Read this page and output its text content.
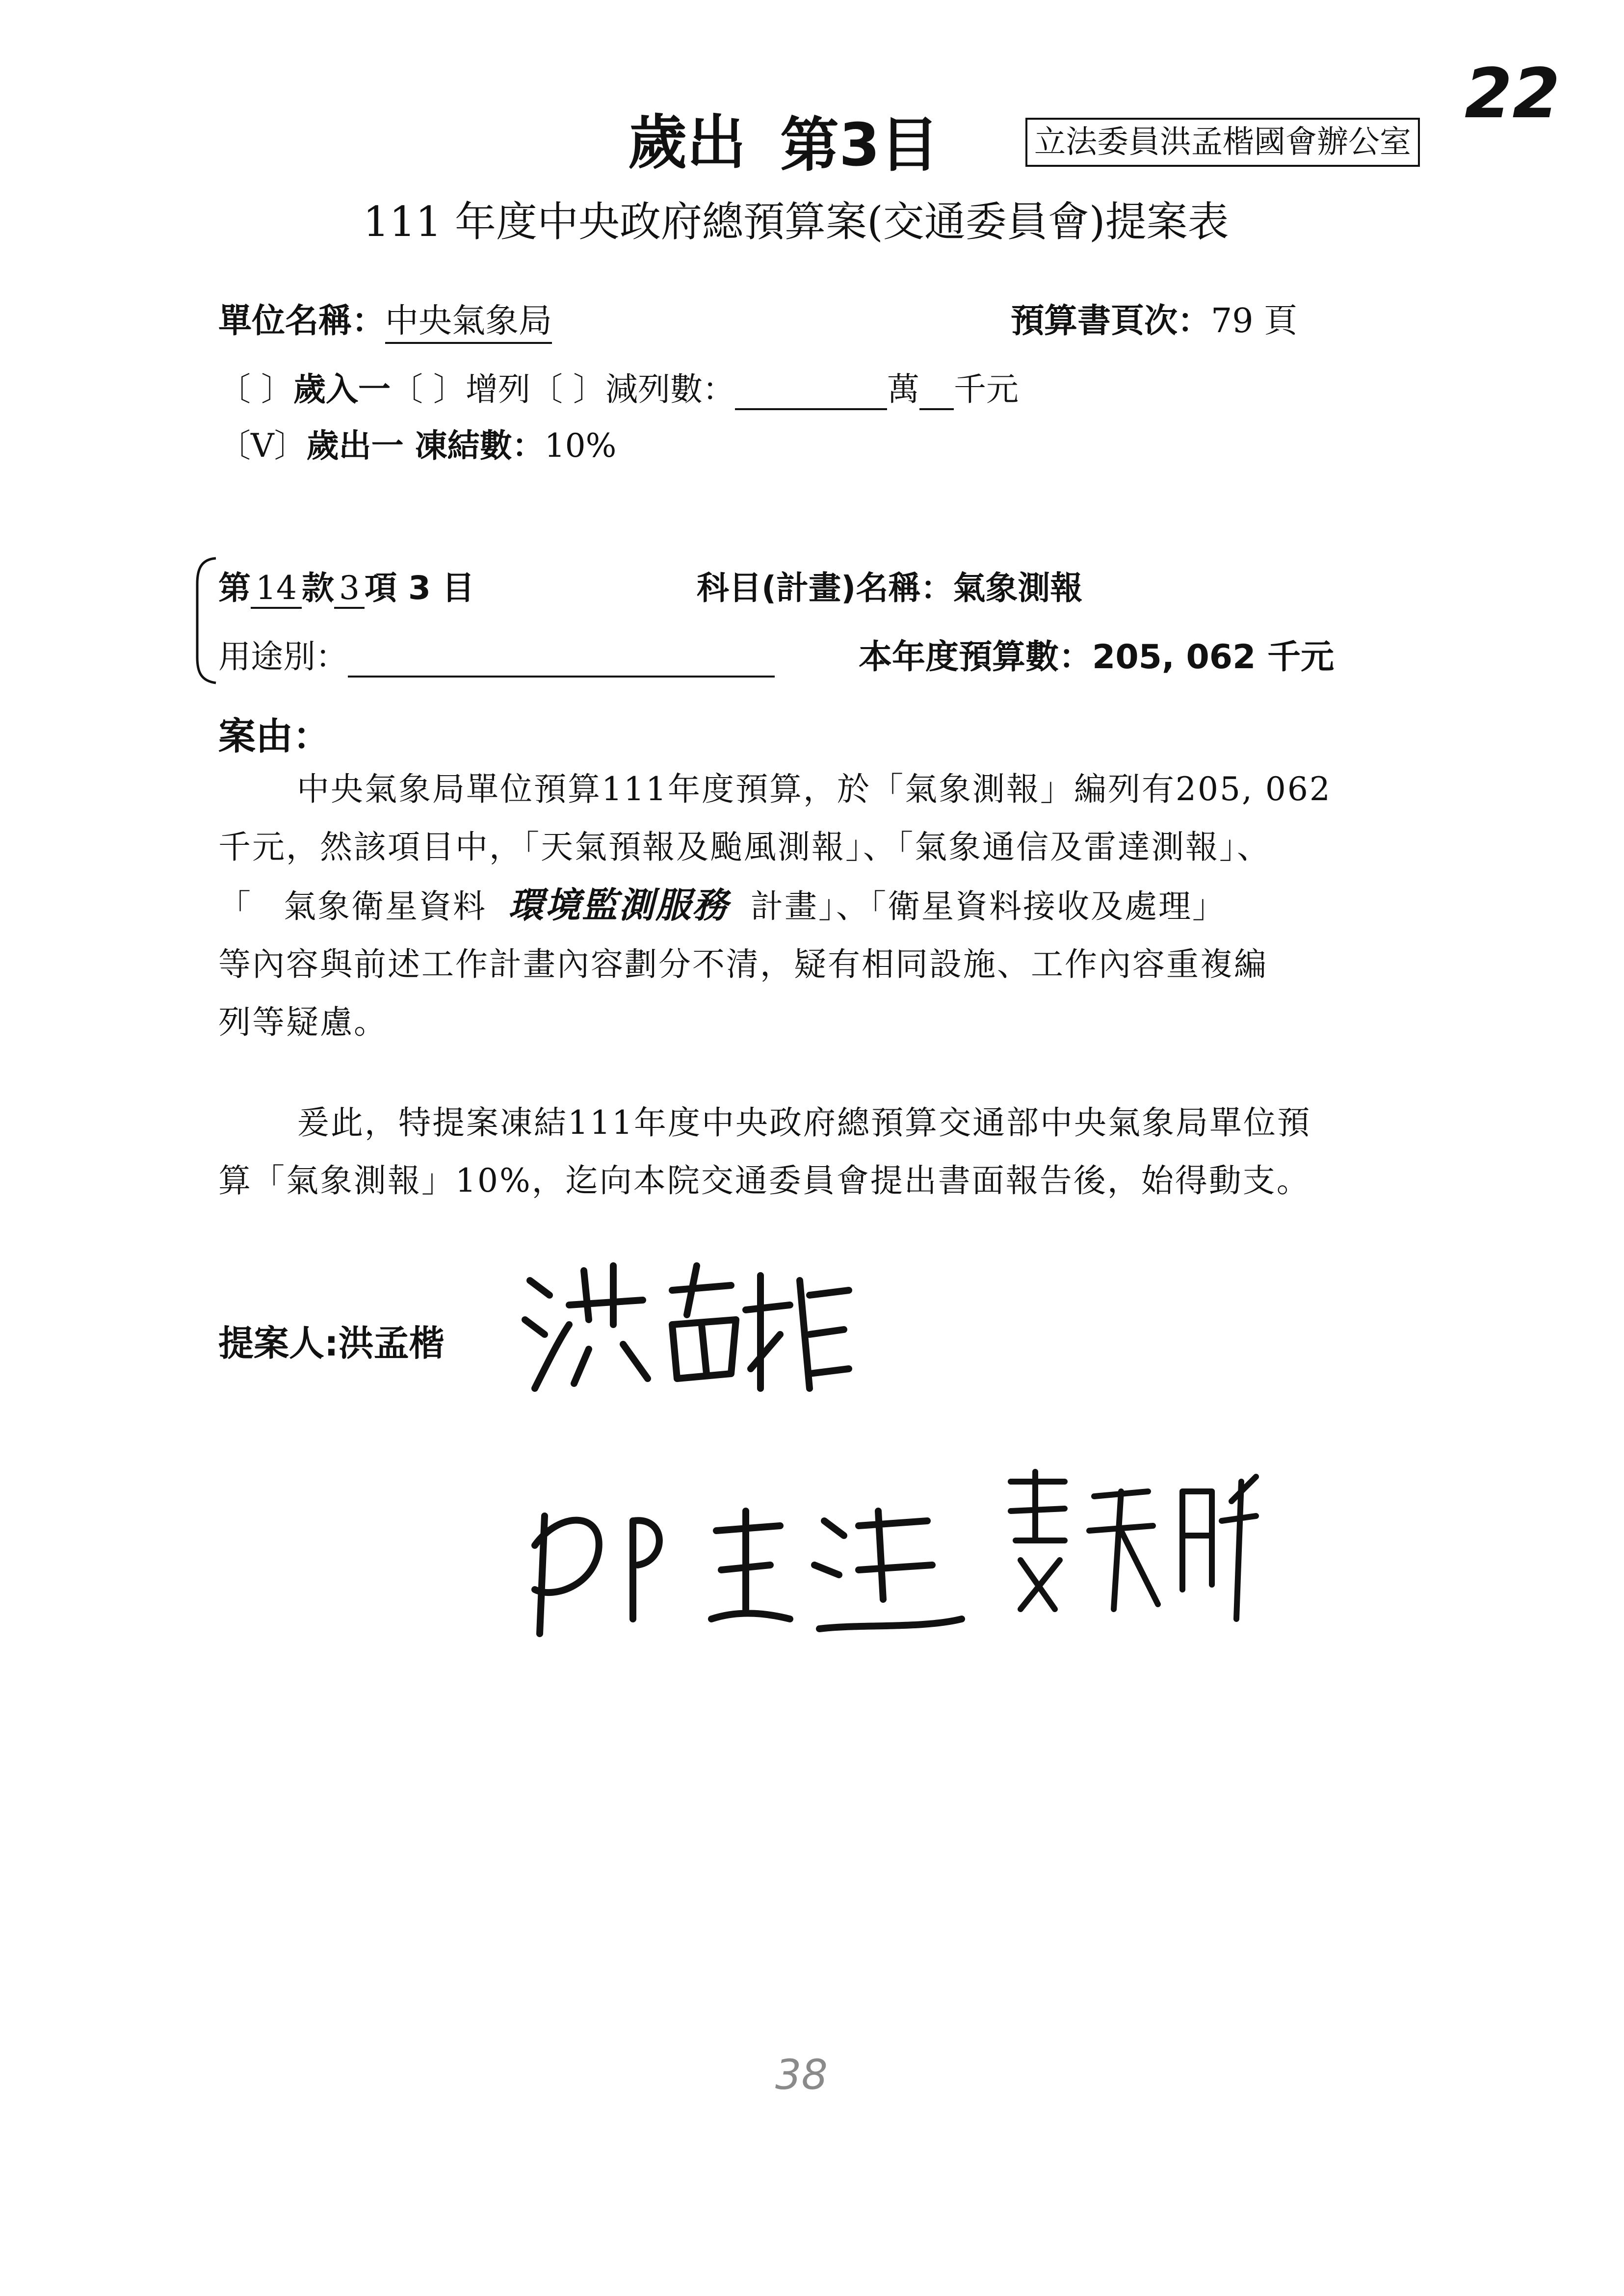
歲出 第3目	立法委員洪孟楷國會辦公室
22
111 年度中央政府總預算案(交通委員會)提案表
單位名稱：中央氣象局	預算書頁次：79 頁
〔 〕歲入一〔 〕增列〔 〕減列數：	萬 千元
〔V〕歲出一 凍結數：10%
第 14 款 3 項 3 目	科目(計畫)名稱：氣象測報
用途別：	本年度預算數：205, 062 千元
案由：
中央氣象局單位預算111年度預算，於「氣象測報」編列有205, 062
千元，然該項目中，「天氣預報及颱風測報」、「氣象通信及雷達測報」、
「 氣象衛星資料 環境監測服務 計畫」、「衛星資料接收及處理」
等內容與前述工作計畫內容劃分不清，疑有相同設施、工作內容重複編
列等疑慮。
爰此，特提案凍結111年度中央政府總預算交通部中央氣象局單位預
算「氣象測報」10%，迄向本院交通委員會提出書面報告後，始得動支。
提案人:洪孟楷
38
